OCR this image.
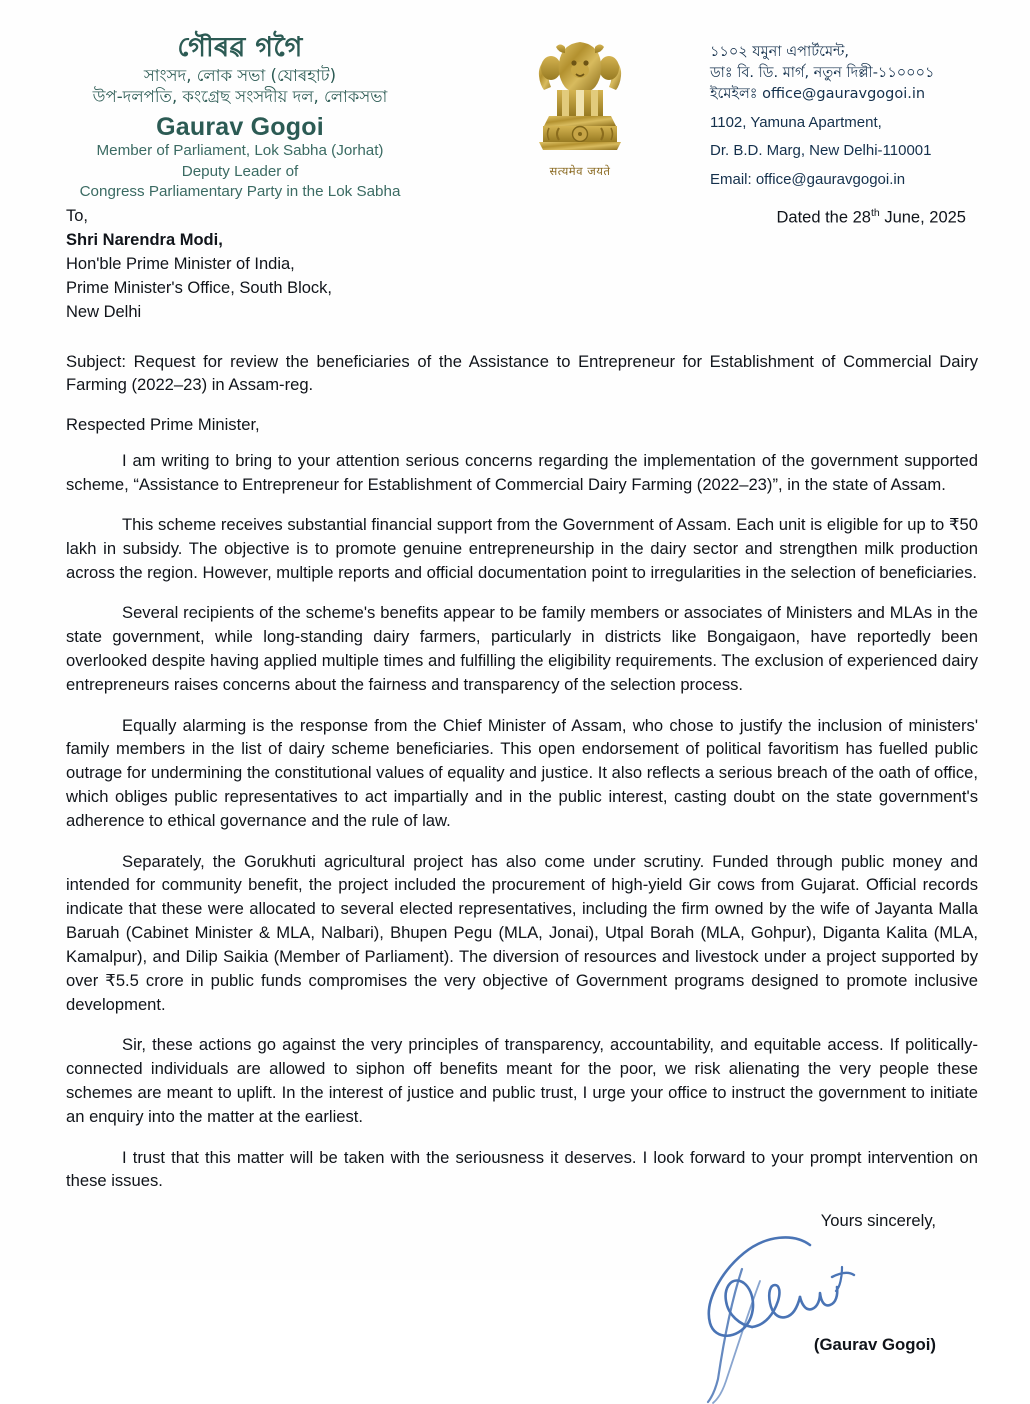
গৌৰৱ গগৈ
সাংসদ, লোক সভা (যোৰহাট)
উপ-দলপতি, কংগ্ৰেছ সংসদীয় দল, লোকসভা
Gaurav Gogoi
Member of Parliament, Lok Sabha (Jorhat)
Deputy Leader of
Congress Parliamentary Party in the Lok Sabha
सत्यमेव जयते
১১০২ যমুনা এপাৰ্টমেন্ট,
ডাঃ বি. ডি. মাৰ্গ, নতুন দিল্লী-১১০০০১
ইমেইলঃ office@gauravgogoi.in
1102, Yamuna Apartment,
Dr. B.D. Marg, New Delhi-110001
Email: office@gauravgogoi.in
To,
Shri Narendra Modi,
Hon'ble Prime Minister of India,
Prime Minister's Office, South Block,
New Delhi
Dated the 28th June, 2025
Subject: Request for review the beneficiaries of the Assistance to Entrepreneur for Establishment of Commercial Dairy Farming (2022–23) in Assam-reg.
Respected Prime Minister,

I am writing to bring to your attention serious concerns regarding the implementation of the government supported scheme, “Assistance to Entrepreneur for Establishment of Commercial Dairy Farming (2022–23)”, in the state of Assam.

This scheme receives substantial financial support from the Government of Assam. Each unit is eligible for up to ₹50 lakh in subsidy. The objective is to promote genuine entrepreneurship in the dairy sector and strengthen milk production across the region. However, multiple reports and official documentation point to irregularities in the selection of beneficiaries.

Several recipients of the scheme's benefits appear to be family members or associates of Ministers and MLAs in the state government, while long-standing dairy farmers, particularly in districts like Bongaigaon, have reportedly been overlooked despite having applied multiple times and fulfilling the eligibility requirements. The exclusion of experienced dairy entrepreneurs raises concerns about the fairness and transparency of the selection process.

Equally alarming is the response from the Chief Minister of Assam, who chose to justify the inclusion of ministers' family members in the list of dairy scheme beneficiaries. This open endorsement of political favoritism has fuelled public outrage for undermining the constitutional values of equality and justice. It also reflects a serious breach of the oath of office, which obliges public representatives to act impartially and in the public interest, casting doubt on the state government's adherence to ethical governance and the rule of law.

Separately, the Gorukhuti agricultural project has also come under scrutiny. Funded through public money and intended for community benefit, the project included the procurement of high-yield Gir cows from Gujarat. Official records indicate that these were allocated to several elected representatives, including the firm owned by the wife of Jayanta Malla Baruah (Cabinet Minister & MLA, Nalbari), Bhupen Pegu (MLA, Jonai), Utpal Borah (MLA, Gohpur), Diganta Kalita (MLA, Kamalpur), and Dilip Saikia (Member of Parliament). The diversion of resources and livestock under a project supported by over ₹5.5 crore in public funds compromises the very objective of Government programs designed to promote inclusive development.

Sir, these actions go against the very principles of transparency, accountability, and equitable access. If politically-connected individuals are allowed to siphon off benefits meant for the poor, we risk alienating the very people these schemes are meant to uplift. In the interest of justice and public trust, I urge your office to instruct the government to initiate an enquiry into the matter at the earliest.

I trust that this matter will be taken with the seriousness it deserves. I look forward to your prompt intervention on these issues.

Yours sincerely,
(Gaurav Gogoi)
